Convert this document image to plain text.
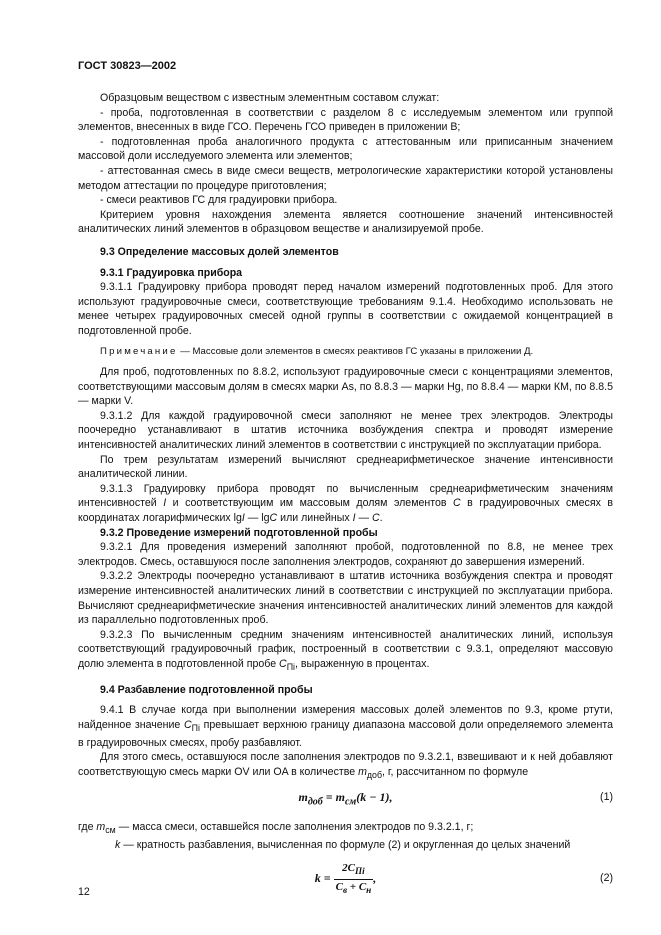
ГОСТ 30823—2002

Образцовым веществом с известным элементным составом служат:

- проба, подготовленная в соответствии с разделом 8 с исследуемым элементом или группой элементов, внесенных в виде ГСО. Перечень ГСО приведен в приложении В;

- подготовленная проба аналогичного продукта с аттестованным или приписанным значением массовой доли исследуемого элемента или элементов;

- аттестованная смесь в виде смеси веществ, метрологические характеристики которой установлены методом аттестации по процедуре приготовления;

- смеси реактивов ГС для градуировки прибора.

Критерием уровня нахождения элемента является соотношение значений интенсивностей аналитических линий элементов в образцовом веществе и анализируемой пробе.

9.3 Определение массовых долей элементов

9.3.1 Градуировка прибора

9.3.1.1 Градуировку прибора проводят перед началом измерений подготовленных проб. Для этого используют градуировочные смеси, соответствующие требованиям 9.1.4. Необходимо использовать не менее четырех градуировочных смесей одной группы в соответствии с ожидаемой концентрацией в подготовленной пробе.

Примечание — Массовые доли элементов в смесях реактивов ГС указаны в приложении Д.

Для проб, подготовленных по 8.8.2, используют градуировочные смеси с концентрациями элементов, соответствующими массовым долям в смесях марки As, по 8.8.3 — марки Hg, по 8.8.4 — марки КМ, по 8.8.5 — марки V.

9.3.1.2 Для каждой градуировочной смеси заполняют не менее трех электродов. Электроды поочередно устанавливают в штатив источника возбуждения спектра и проводят измерение интенсивностей аналитических линий элементов в соответствии с инструкцией по эксплуатации прибора.

По трем результатам измерений вычисляют среднеарифметическое значение интенсивности аналитической линии.

9.3.1.3 Градуировку прибора проводят по вычисленным среднеарифметическим значениям интенсивностей I и соответствующим им массовым долям элементов C в градуировочных смесях в координатах логарифмических lgI — lgC или линейных I — C.

9.3.2 Проведение измерений подготовленной пробы

9.3.2.1 Для проведения измерений заполняют пробой, подготовленной по 8.8, не менее трех электродов. Смесь, оставшуюся после заполнения электродов, сохраняют до завершения измерений.

9.3.2.2 Электроды поочередно устанавливают в штатив источника возбуждения спектра и проводят измерение интенсивностей аналитических линий в соответствии с инструкцией по эксплуатации прибора. Вычисляют среднеарифметические значения интенсивностей аналитических линий элементов для каждой из параллельно подготовленных проб.

9.3.2.3 По вычисленным средним значениям интенсивностей аналитических линий, используя соответствующий градуировочный график, построенный в соответствии с 9.3.1, определяют массовую долю элемента в подготовленной пробе $C_{Пi}$, выраженную в процентах.

9.4 Разбавление подготовленной пробы

9.4.1 В случае когда при выполнении измерения массовых долей элементов по 9.3, кроме ртути, найденное значение $C_{Пi}$ превышает верхнюю границу диапазона массовой доли определяемого элемента в градуировочных смесях, пробу разбавляют.

Для этого смесь, оставшуюся после заполнения электродов по 9.3.2.1, взвешивают и к ней добавляют соответствующую смесь марки OV или OA в количестве $m_{доб}$, г, рассчитанном по формуле

$m_{доб} = m_{см}(k - 1)$,	(1)

где $m_{см}$ — масса смеси, оставшейся после заполнения электродов по 9.3.2.1, г;

k — кратность разбавления, вычисленная по формуле (2) и округленная до целых значений

$k = \frac{2C_{Пi}}{C_в + C_н}$ ,	(2)
12
